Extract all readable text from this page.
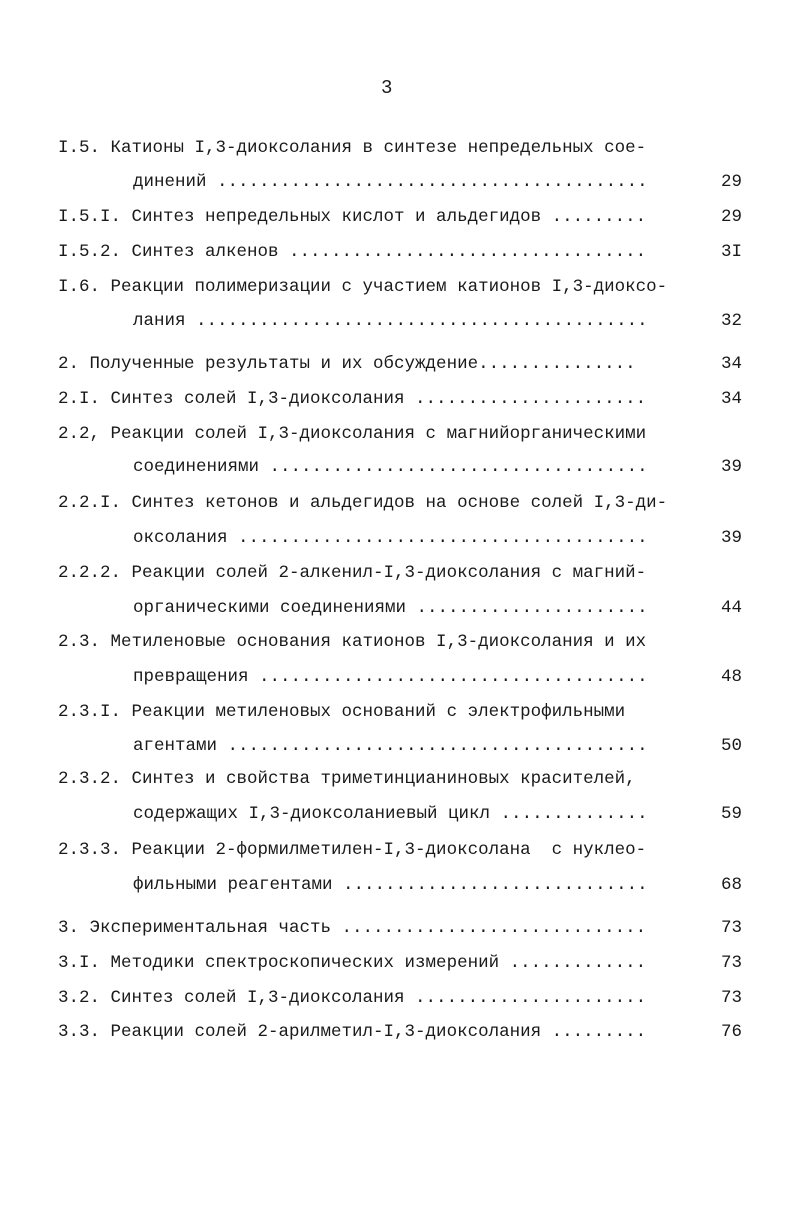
3
I.5. Катионы I,3-диоксолания в синтезе непредельных сое-
динений .........................................	29
I.5.I. Синтез непредельных кислот и альдегидов .........	29
I.5.2. Синтез алкенов ..................................	3I
I.6. Реакции полимеризации с участием катионов I,3-диоксо-
лания ...........................................	32
2. Полученные результаты и их обсуждение...............	34
2.I. Синтез солей I,3-диоксолания ......................	34
2.2, Реакции солей I,3-диоксолания с магнийорганическими
соединениями ....................................	39
2.2.I. Синтез кетонов и альдегидов на основе солей I,3-ди-
оксолания .......................................	39
2.2.2. Реакции солей 2-алкенил-I,3-диоксолания с магний-
органическими соединениями ......................	44
2.3. Метиленовые основания катионов I,3-диоксолания и их
превращения .....................................	48
2.3.I. Реакции метиленовых оснований с электрофильными
агентами ........................................	50
2.3.2. Синтез и свойства триметинцианиновых красителей,
содержащих I,3-диоксоланиевый цикл ..............	59
2.3.3. Реакции 2-формилметилен-I,3-диоксолана  с нуклео-
фильными реагентами .............................	68
3. Экспериментальная часть .............................	73
3.I. Методики спектроскопических измерений .............	73
3.2. Синтез солей I,3-диоксолания ......................	73
3.3. Реакции солей 2-арилметил-I,3-диоксолания .........	76
